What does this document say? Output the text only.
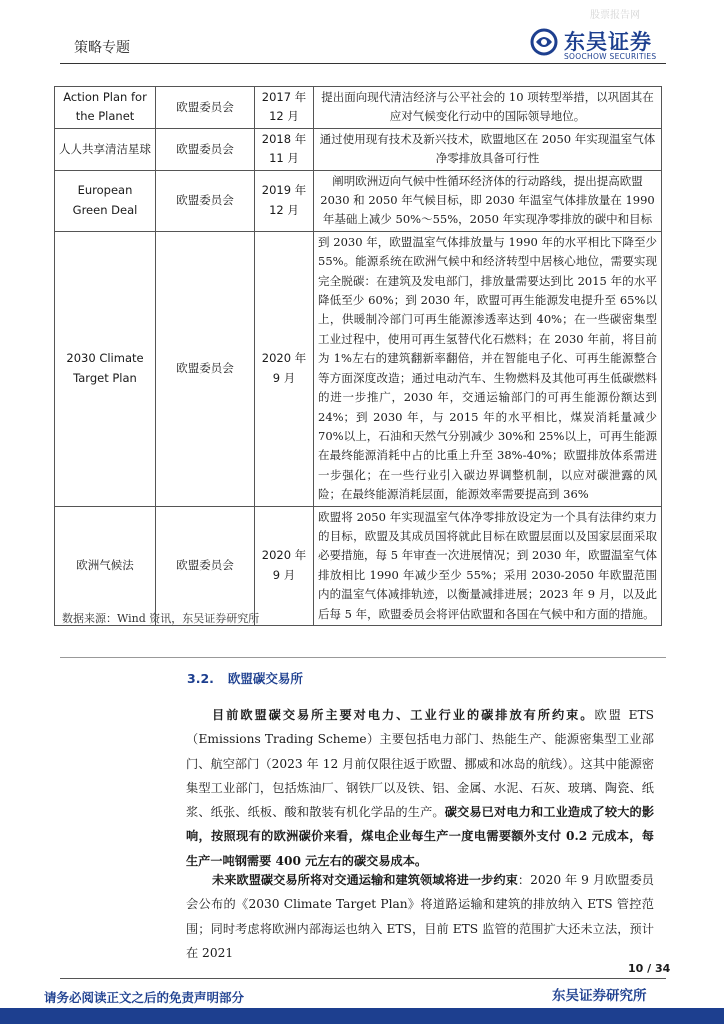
股票报告网
策略专题	东吴证券
SOOCHOW SECURITIES
Action Plan for the Planet	欧盟委员会	2017 年 12 月	提出面向现代清洁经济与公平社会的 10 项转型举措，以巩固其在应对气候变化行动中的国际领导地位。
人人共享清洁星球	欧盟委员会	2018 年 11 月	通过使用现有技术及新兴技术，欧盟地区在 2050 年实现温室气体净零排放具备可行性
European Green Deal	欧盟委员会	2019 年 12 月	阐明欧洲迈向气候中性循环经济体的行动路线，提出提高欧盟 2030 和 2050 年气候目标，即 2030 年温室气体排放量在 1990 年基础上减少 50%～55%，2050 年实现净零排放的碳中和目标
2030 Climate Target Plan	欧盟委员会	2020 年 9 月	到 2030 年，欧盟温室气体排放量与 1990 年的水平相比下降至少 55%。能源系统在欧洲气候中和经济转型中居核心地位，需要实现完全脱碳：在建筑及发电部门，排放量需要达到比 2015 年的水平降低至少 60%；到 2030 年，欧盟可再生能源发电提升至 65%以上，供暖制冷部门可再生能源渗透率达到 40%；在一些碳密集型工业过程中，使用可再生氢替代化石燃料；在 2030 年前，将目前为 1%左右的建筑翻新率翻倍，并在智能电子化、可再生能源整合等方面深度改造；通过电动汽车、生物燃料及其他可再生低碳燃料的进一步推广，2030 年，交通运输部门的可再生能源份额达到 24%；到 2030 年，与 2015 年的水平相比，煤炭消耗量减少 70%以上，石油和天然气分别减少 30%和 25%以上，可再生能源在最终能源消耗中占的比重上升至 38%-40%；欧盟排放体系需进一步强化；在一些行业引入碳边界调整机制，以应对碳泄露的风险；在最终能源消耗层面，能源效率需要提高到 36%
欧洲气候法	欧盟委员会	2020 年 9 月	欧盟将 2050 年实现温室气体净零排放设定为一个具有法律约束力的目标，欧盟及其成员国将就此目标在欧盟层面以及国家层面采取必要措施，每 5 年审查一次进展情况；到 2030 年，欧盟温室气体排放相比 1990 年减少至少 55%；采用 2030-2050 年欧盟范围内的温室气体减排轨迹，以衡量减排进展；2023 年 9 月，以及此后每 5 年，欧盟委员会将评估欧盟和各国在气候中和方面的措施。
数据来源：Wind 资讯，东吴证券研究所
3.2. 欧盟碳交易所
目前欧盟碳交易所主要对电力、工业行业的碳排放有所约束。欧盟 ETS（Emissions Trading Scheme）主要包括电力部门、热能生产、能源密集型工业部门、航空部门（2023 年 12 月前仅限往返于欧盟、挪威和冰岛的航线）。这其中能源密集型工业部门，包括炼油厂、钢铁厂以及铁、铝、金属、水泥、石灰、玻璃、陶瓷、纸浆、纸张、纸板、酸和散装有机化学品的生产。碳交易已对电力和工业造成了较大的影响，按照现有的欧洲碳价来看，煤电企业每生产一度电需要额外支付 0.2 元成本，每生产一吨钢需要 400 元左右的碳交易成本。
未来欧盟碳交易所将对交通运输和建筑领域将进一步约束：2020 年 9 月欧盟委员会公布的《2030 Climate Target Plan》将道路运输和建筑的排放纳入 ETS 管控范围；同时考虑将欧洲内部海运也纳入 ETS，目前 ETS 监管的范围扩大还未立法，预计在 2021
10 / 34
请务必阅读正文之后的免责声明部分	东吴证券研究所
